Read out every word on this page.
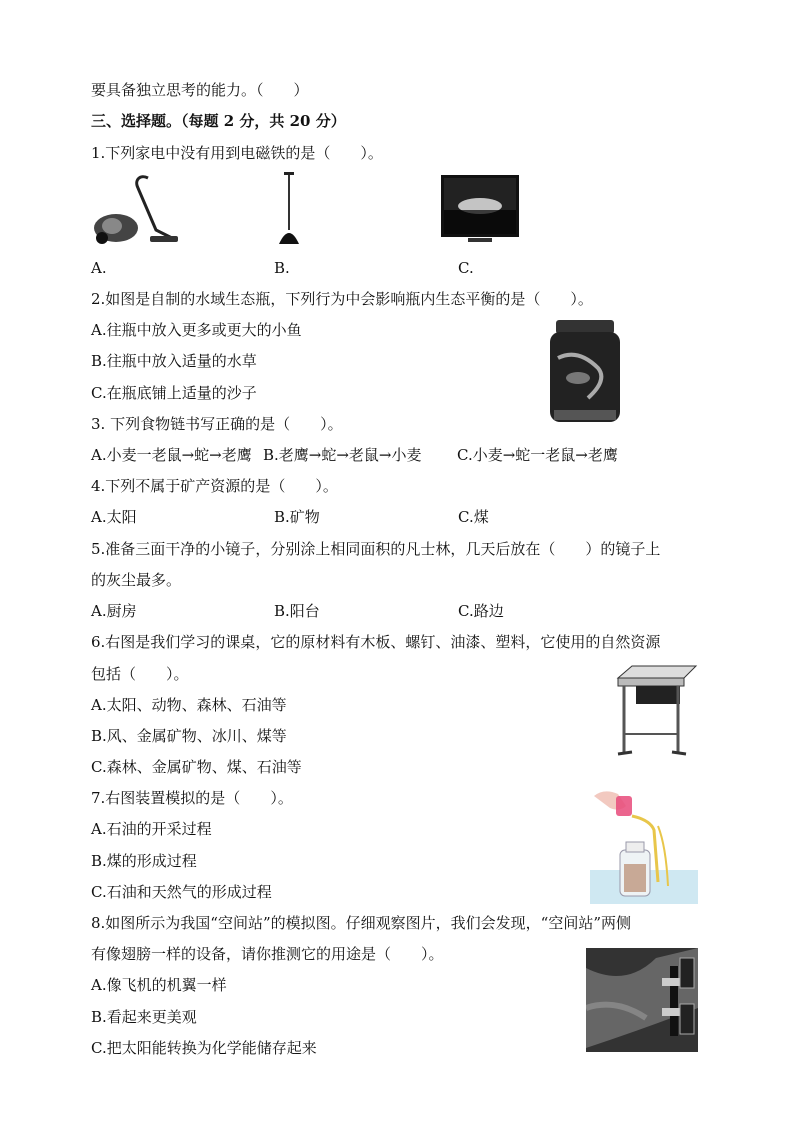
要具备独立思考的能力。（　　）
三、选择题。（每题 2 分，共 20 分）
1.下列家电中没有用到电磁铁的是（　　）。
A.	B.	C.
2.如图是自制的水域生态瓶，下列行为中会影响瓶内生态平衡的是（　　）。
A.往瓶中放入更多或更大的小鱼
B.往瓶中放入适量的水草
C.在瓶底铺上适量的沙子
3. 下列食物链书写正确的是（　　）。
A.小麦一老鼠→蛇→老鹰 B.老鹰→蛇→老鼠→小麦 C.小麦→蛇一老鼠→老鹰
4.下列不属于矿产资源的是（　　）。
A.太阳	B.矿物	C.煤
5.准备三面干净的小镜子，分别涂上相同面积的凡士林，几天后放在（　　）的镜子上
的灰尘最多。
A.厨房	B.阳台	C.路边
6.右图是我们学习的课桌，它的原材料有木板、螺钉、油漆、塑料，它使用的自然资源
包括（　　）。
A.太阳、动物、森林、石油等
B.风、金属矿物、冰川、煤等
C.森林、金属矿物、煤、石油等
7.右图装置模拟的是（　　）。
A.石油的开采过程
B.煤的形成过程
C.石油和天然气的形成过程
8.如图所示为我国“空间站”的模拟图。仔细观察图片，我们会发现，“空间站”两侧
有像翅膀一样的设备，请你推测它的用途是（　　）。
A.像飞机的机翼一样
B.看起来更美观
C.把太阳能转换为化学能储存起来
